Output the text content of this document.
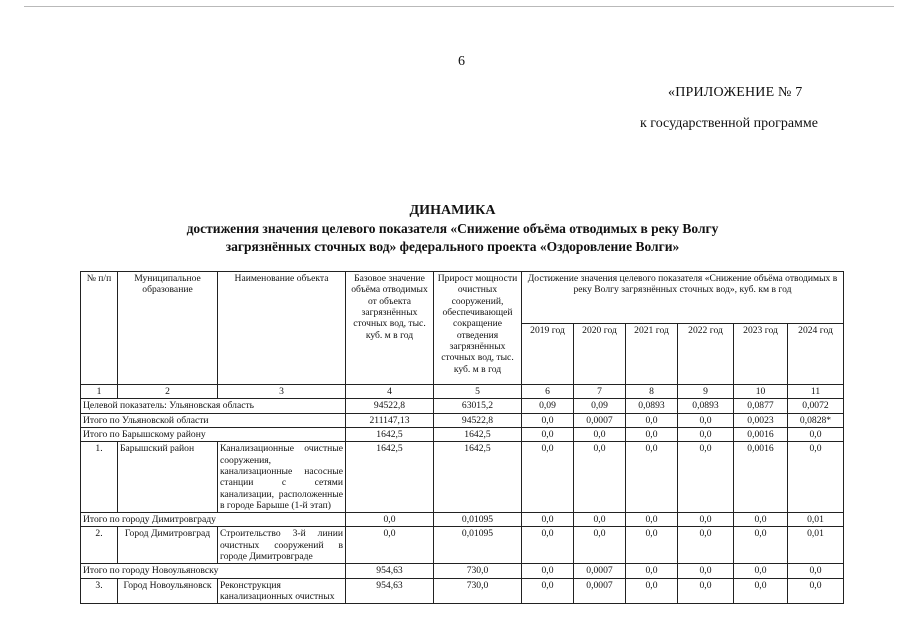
6
«ПРИЛОЖЕНИЕ № 7
к государственной программе
ДИНАМИКА
достижения значения целевого показателя «Снижение объёма отводимых в реку Волгу
загрязнённых сточных вод» федерального проекта «Оздоровление Волги»
№ п/п	Муниципальное образование	Наименование объекта	Базовое значение объёма отводимых от объекта загрязнённых сточных вод, тыс. куб. м в год	Прирост мощности очистных сооружений, обеспечивающей сокращение отведения загрязнённых сточных вод, тыс. куб. м в год	Достижение значения целевого показателя «Снижение объёма отводимых в реку Волгу загрязнённых сточных вод», куб. км в год					
					2019 год	2020 год	2021 год	2022 год	2023 год	2024 год
1	2	3	4	5	6	7	8	9	10	11
Целевой показатель: Ульяновская область			94522,8	63015,2	0,09	0,09	0,0893	0,0893	0,0877	0,0072
Итого по Ульяновской области			211147,13	94522,8	0,0	0,0007	0,0	0,0	0,0023	0,0828*
Итого по Барышскому району			1642,5	1642,5	0,0	0,0	0,0	0,0	0,0016	0,0
1.	Барышский район	Канализационные очистные сооружения, канализационные насосные станции с сетями канализации, расположенные в городе Барыше (1-й этап)	1642,5	1642,5	0,0	0,0	0,0	0,0	0,0016	0,0
Итого по городу Димитровграду			0,0	0,01095	0,0	0,0	0,0	0,0	0,0	0,01
2.	Город Димитровград	Строительство 3-й линии очистных сооружений в городе Димитровграде	0,0	0,01095	0,0	0,0	0,0	0,0	0,0	0,01
Итого по городу Новоульяновску			954,63	730,0	0,0	0,0007	0,0	0,0	0,0	0,0
3.	Город Новоульяновск	Реконструкция канализационных очистных	954,63	730,0	0,0	0,0007	0,0	0,0	0,0	0,0
